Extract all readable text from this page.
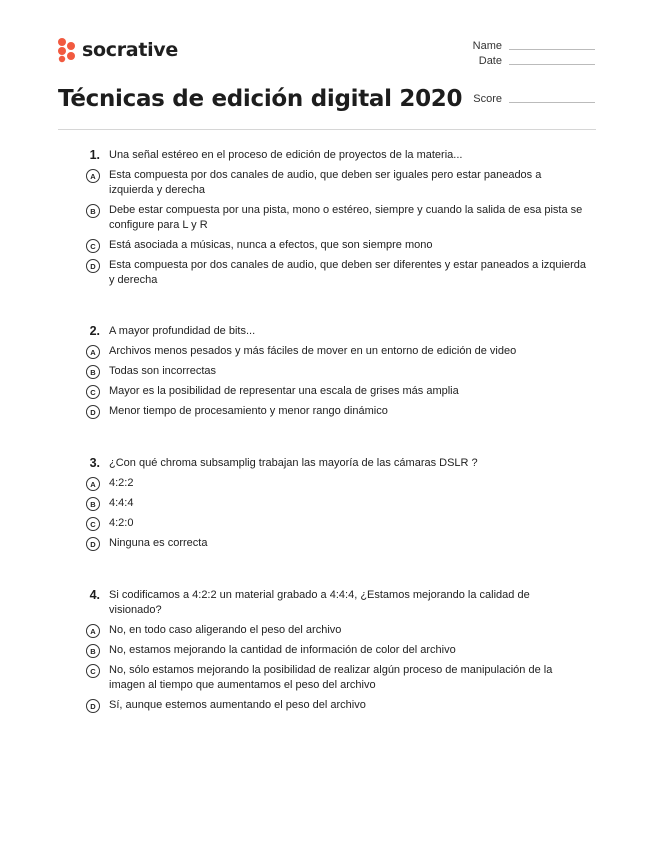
socrative
Técnicas de edición digital 2020
Name
Date
Score
1. Una señal estéreo en el proceso de edición de proyectos de la materia...
A	Esta compuesta por dos canales de audio, que deben ser iguales pero estar paneados a izquierda y derecha
B	Debe estar compuesta por una pista, mono o estéreo, siempre y cuando la salida de esa pista se configure para L y R
C	Está asociada a músicas, nunca a efectos, que son siempre mono
D	Esta compuesta por dos canales de audio, que deben ser diferentes y estar paneados a izquierda y derecha
2. A mayor profundidad de bits...
A	Archivos menos pesados y más fáciles de mover en un entorno de edición de video
B	Todas son incorrectas
C	Mayor es la posibilidad de representar una escala de grises más amplia
D	Menor tiempo de procesamiento y menor rango dinámico
3. ¿Con qué chroma subsamplig trabajan las mayoría de las cámaras DSLR ?
A	4:2:2
B	4:4:4
C	4:2:0
D	Ninguna es correcta
4. Si codificamos a 4:2:2 un material grabado a 4:4:4, ¿Estamos mejorando la calidad de visionado?
A	No, en todo caso aligerando el peso del archivo
B	No, estamos mejorando la cantidad de información de color del archivo
C	No, sólo estamos mejorando la posibilidad de realizar algún proceso de manipulación de la imagen al tiempo que aumentamos el peso del archivo
D	Sí, aunque estemos aumentando el peso del archivo
